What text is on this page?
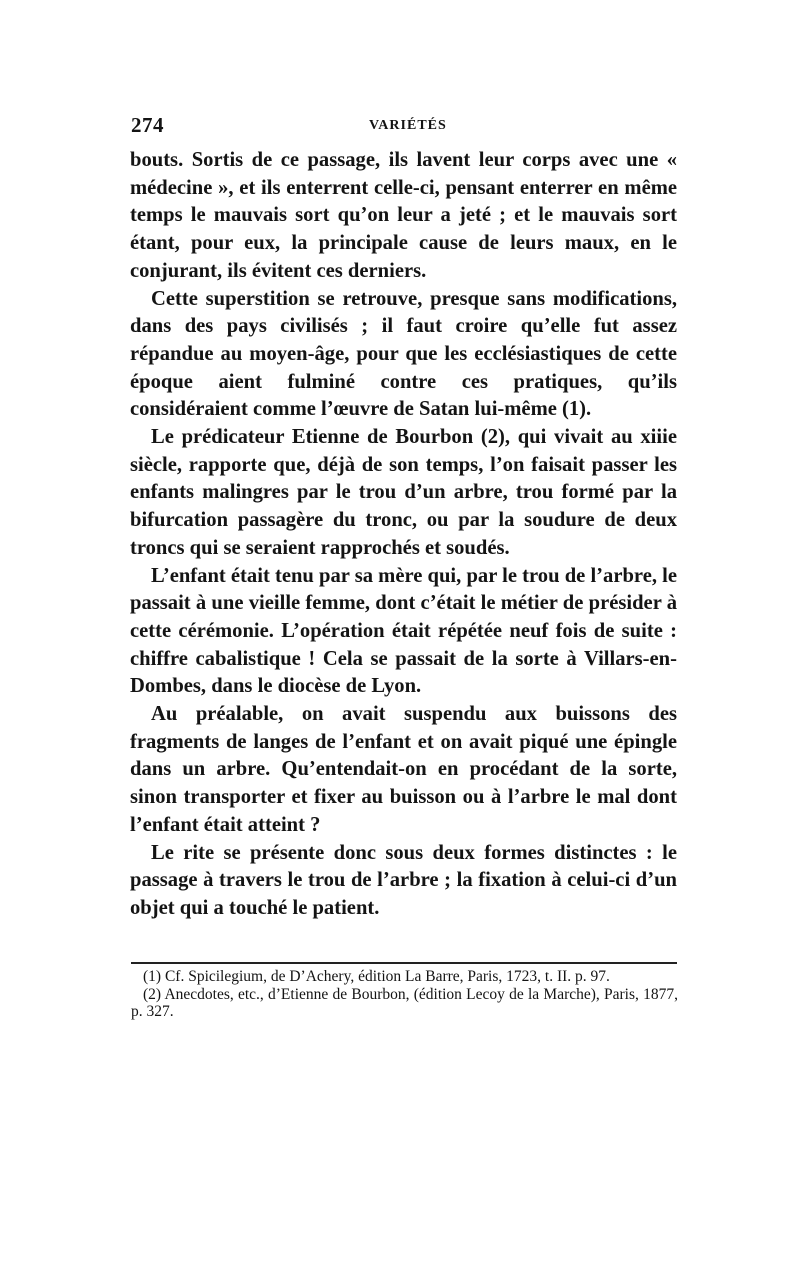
274	VARIÉTÉS

bouts. Sortis de ce passage, ils lavent leur corps avec une « médecine », et ils enterrent celle-ci, pensant enterrer en même temps le mauvais sort qu’on leur a jeté ; et le mauvais sort étant, pour eux, la principale cause de leurs maux, en le conjurant, ils évitent ces derniers.

Cette superstition se retrouve, presque sans modifications, dans des pays civilisés ; il faut croire qu’elle fut assez répandue au moyen-âge, pour que les ecclésiastiques de cette époque aient fulminé contre ces pratiques, qu’ils considéraient comme l’œuvre de Satan lui-même (1).

Le prédicateur Etienne de Bourbon (2), qui vivait au xiiie siècle, rapporte que, déjà de son temps, l’on faisait passer les enfants malingres par le trou d’un arbre, trou formé par la bifurcation passagère du tronc, ou par la soudure de deux troncs qui se seraient rapprochés et soudés.

L’enfant était tenu par sa mère qui, par le trou de l’arbre, le passait à une vieille femme, dont c’était le métier de présider à cette cérémonie. L’opération était répétée neuf fois de suite : chiffre cabalistique ! Cela se passait de la sorte à Villars-en-Dombes, dans le diocèse de Lyon.

Au préalable, on avait suspendu aux buissons des fragments de langes de l’enfant et on avait piqué une épingle dans un arbre. Qu’entendait-on en procédant de la sorte, sinon transporter et fixer au buisson ou à l’arbre le mal dont l’enfant était atteint ?

Le rite se présente donc sous deux formes distinctes : le passage à travers le trou de l’arbre ; la fixation à celui-ci d’un objet qui a touché le patient.

(1) Cf. Spicilegium, de D’Achery, édition La Barre, Paris, 1723, t. II. p. 97.

(2) Anecdotes, etc., d’Etienne de Bourbon, (édition Lecoy de la Marche), Paris, 1877, p. 327.
